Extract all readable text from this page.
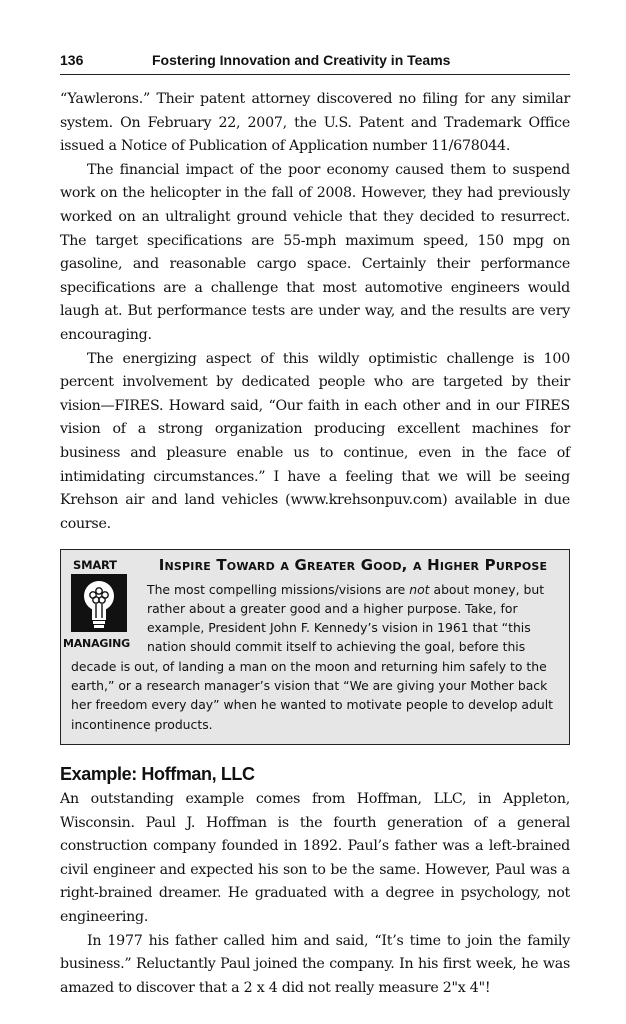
136	Fostering Innovation and Creativity in Teams

“Yawlerons.” Their patent attorney discovered no filing for any similar system. On February 22, 2007, the U.S. Patent and Trademark Office issued a Notice of Publication of Application number 11/678044.

The financial impact of the poor economy caused them to suspend work on the helicopter in the fall of 2008. However, they had previously worked on an ultralight ground vehicle that they decided to resurrect. The target specifications are 55-mph maximum speed, 150 mpg on gasoline, and reasonable cargo space. Certainly their performance specifications are a challenge that most automotive engineers would laugh at. But performance tests are under way, and the results are very encouraging.

The energizing aspect of this wildly optimistic challenge is 100 percent involvement by dedicated people who are targeted by their vision—FIRES. Howard said, “Our faith in each other and in our FIRES vision of a strong organization producing excellent machines for business and pleasure enable us to continue, even in the face of intimidating circumstances.” I have a feeling that we will be seeing Krehson air and land vehicles (www.krehsonpuv.com) available in due course.

SMART
MANAGING
Inspire Toward a Greater Good, a Higher Purpose
The most compelling missions/visions are not about money, but rather about a greater good and a higher purpose. Take, for example, President John F. Kennedy’s vision in 1961 that “this nation should commit itself to achieving the goal, before this decade is out, of landing a man on the moon and returning him safely to the earth,” or a research manager’s vision that “We are giving your Mother back her freedom every day” when he wanted to motivate people to develop adult incontinence products.
Example: Hoffman, LLC

An outstanding example comes from Hoffman, LLC, in Appleton, Wisconsin. Paul J. Hoffman is the fourth generation of a general construction company founded in 1892. Paul’s father was a left-brained civil engineer and expected his son to be the same. However, Paul was a right-brained dreamer. He graduated with a degree in psychology, not engineering.

In 1977 his father called him and said, “It’s time to join the family business.” Reluctantly Paul joined the company. In his first week, he was amazed to discover that a 2 x 4 did not really measure 2"x 4"!
